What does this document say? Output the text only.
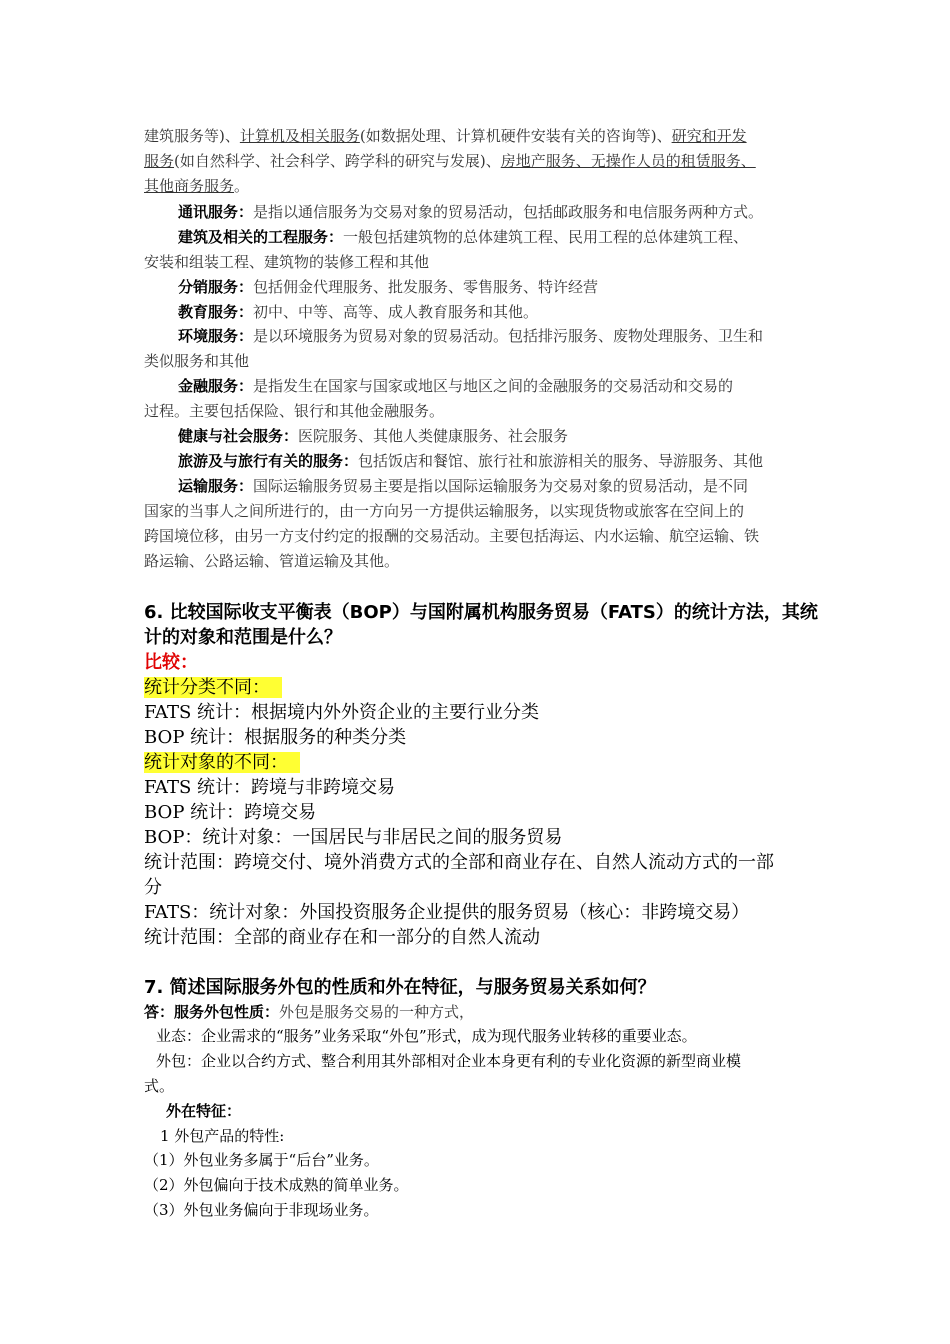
建筑服务等)、计算机及相关服务(如数据处理、计算机硬件安装有关的咨询等)、研究和开发
服务(如自然科学、社会科学、跨学科的研究与发展)、房地产服务、无操作人员的租赁服务、
其他商务服务。
通讯服务：是指以通信服务为交易对象的贸易活动，包括邮政服务和电信服务两种方式。
建筑及相关的工程服务：一般包括建筑物的总体建筑工程、民用工程的总体建筑工程、
安装和组装工程、建筑物的装修工程和其他
分销服务：包括佣金代理服务、批发服务、零售服务、特许经营
教育服务：初中、中等、高等、成人教育服务和其他。
环境服务：是以环境服务为贸易对象的贸易活动。包括排污服务、废物处理服务、卫生和
类似服务和其他
金融服务：是指发生在国家与国家或地区与地区之间的金融服务的交易活动和交易的
过程。主要包括保险、银行和其他金融服务。
健康与社会服务：医院服务、其他人类健康服务、社会服务
旅游及与旅行有关的服务：包括饭店和餐馆、旅行社和旅游相关的服务、导游服务、其他
运输服务：国际运输服务贸易主要是指以国际运输服务为交易对象的贸易活动，是不同
国家的当事人之间所进行的，由一方向另一方提供运输服务，以实现货物或旅客在空间上的
跨国境位移，由另一方支付约定的报酬的交易活动。主要包括海运、内水运输、航空运输、铁
路运输、公路运输、管道运输及其他。
6. 比较国际收支平衡表（BOP）与国附属机构服务贸易（FATS）的统计方法，其统
计的对象和范围是什么？
比较：
统计分类不同：
FATS 统计：根据境内外外资企业的主要行业分类
BOP 统计：根据服务的种类分类
统计对象的不同：
FATS 统计：跨境与非跨境交易
BOP 统计：跨境交易
BOP：统计对象：一国居民与非居民之间的服务贸易
统计范围：跨境交付、境外消费方式的全部和商业存在、自然人流动方式的一部
分
FATS：统计对象：外国投资服务企业提供的服务贸易（核心：非跨境交易）
统计范围：全部的商业存在和一部分的自然人流动
7. 简述国际服务外包的性质和外在特征，与服务贸易关系如何？
答：服务外包性质：外包是服务交易的一种方式，
业态：企业需求的“服务”业务采取“外包”形式，成为现代服务业转移的重要业态。
外包：企业以合约方式、整合利用其外部相对企业本身更有利的专业化资源的新型商业模
式。
外在特征：
1 外包产品的特性:
（1）外包业务多属于“后台”业务。
（2）外包偏向于技术成熟的简单业务。
（3）外包业务偏向于非现场业务。
